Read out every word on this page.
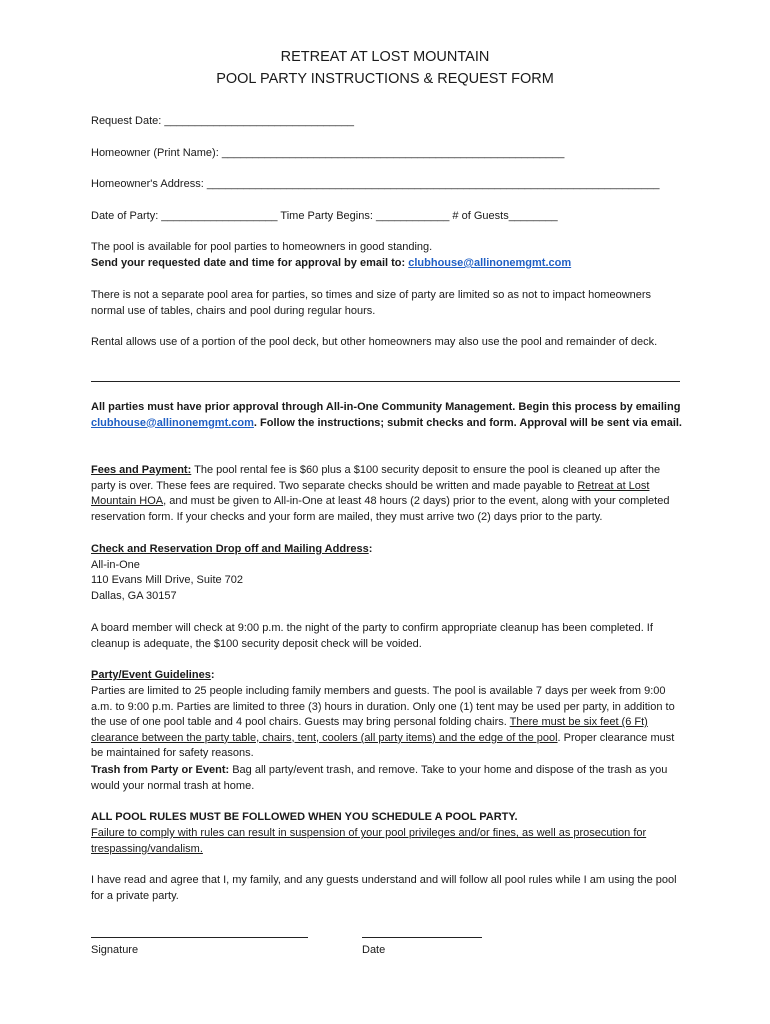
RETREAT AT LOST MOUNTAIN
POOL PARTY INSTRUCTIONS & REQUEST FORM
Request Date: _______________________________
Homeowner (Print Name): ________________________________________________________
Homeowner's Address: __________________________________________________________________________
Date of Party: ___________________ Time Party Begins: ____________ # of Guests________
The pool is available for pool parties to homeowners in good standing.
Send your requested date and time for approval by email to: clubhouse@allinonemgmt.com
There is not a separate pool area for parties, so times and size of party are limited so as not to impact homeowners normal use of tables, chairs and pool during regular hours.
Rental allows use of a portion of the pool deck, but other homeowners may also use the pool and remainder of deck.
All parties must have prior approval through All-in-One Community Management. Begin this process by emailing clubhouse@allinonemgmt.com. Follow the instructions; submit checks and form. Approval will be sent via email.
Fees and Payment: The pool rental fee is $60 plus a $100 security deposit to ensure the pool is cleaned up after the party is over. These fees are required. Two separate checks should be written and made payable to Retreat at Lost Mountain HOA, and must be given to All-in-One at least 48 hours (2 days) prior to the event, along with your completed reservation form. If your checks and your form are mailed, they must arrive two (2) days prior to the party.
Check and Reservation Drop off and Mailing Address:
All-in-One
110 Evans Mill Drive, Suite 702
Dallas, GA 30157
A board member will check at 9:00 p.m. the night of the party to confirm appropriate cleanup has been completed. If cleanup is adequate, the $100 security deposit check will be voided.
Party/Event Guidelines:
Parties are limited to 25 people including family members and guests. The pool is available 7 days per week from 9:00 a.m. to 9:00 p.m. Parties are limited to three (3) hours in duration. Only one (1) tent may be used per party, in addition to the use of one pool table and 4 pool chairs. Guests may bring personal folding chairs. There must be six feet (6 Ft) clearance between the party table, chairs, tent, coolers (all party items) and the edge of the pool. Proper clearance must be maintained for safety reasons.
Trash from Party or Event: Bag all party/event trash, and remove. Take to your home and dispose of the trash as you would your normal trash at home.
ALL POOL RULES MUST BE FOLLOWED WHEN YOU SCHEDULE A POOL PARTY.
Failure to comply with rules can result in suspension of your pool privileges and/or fines, as well as prosecution for trespassing/vandalism.
I have read and agree that I, my family, and any guests understand and will follow all pool rules while I am using the pool for a private party.
Signature	Date
